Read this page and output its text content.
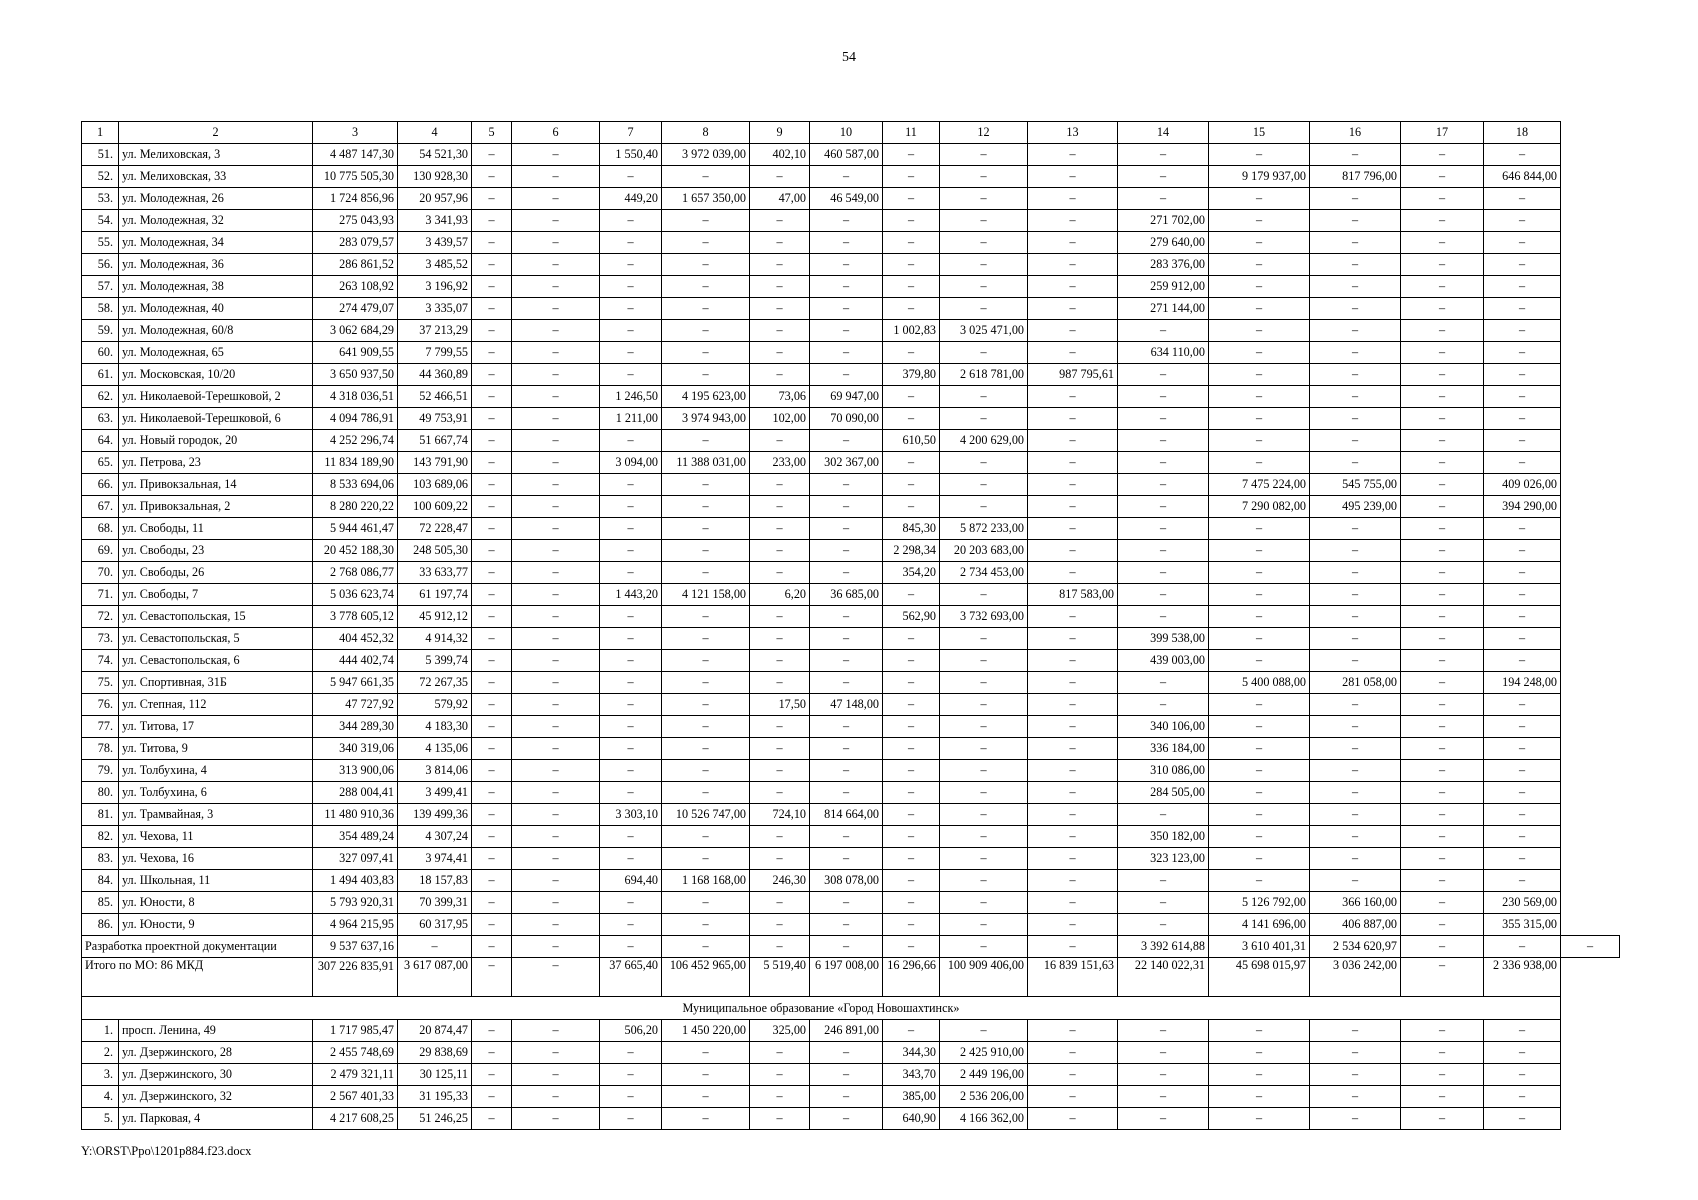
54
1	2	3	4	5	6	7	8	9	10	11	12	13	14	15	16	17	18	
51.	ул. Мелиховская, 3	4 487 147,30	54 521,30	–	–	1 550,40	3 972 039,00	402,10	460 587,00	–	–	–	–	–	–	–	–	
52.	ул. Мелиховская, 33	10 775 505,30	130 928,30	–	–	–	–	–	–	–	–	–	–	9 179 937,00	817 796,00	–	646 844,00	
53.	ул. Молодежная, 26	1 724 856,96	20 957,96	–	–	449,20	1 657 350,00	47,00	46 549,00	–	–	–	–	–	–	–	–	
54.	ул. Молодежная, 32	275 043,93	3 341,93	–	–	–	–	–	–	–	–	–	271 702,00	–	–	–	–	
55.	ул. Молодежная, 34	283 079,57	3 439,57	–	–	–	–	–	–	–	–	–	279 640,00	–	–	–	–	
56.	ул. Молодежная, 36	286 861,52	3 485,52	–	–	–	–	–	–	–	–	–	283 376,00	–	–	–	–	
57.	ул. Молодежная, 38	263 108,92	3 196,92	–	–	–	–	–	–	–	–	–	259 912,00	–	–	–	–	
58.	ул. Молодежная, 40	274 479,07	3 335,07	–	–	–	–	–	–	–	–	–	271 144,00	–	–	–	–	
59.	ул. Молодежная, 60/8	3 062 684,29	37 213,29	–	–	–	–	–	–	1 002,83	3 025 471,00	–	–	–	–	–	–	
60.	ул. Молодежная, 65	641 909,55	7 799,55	–	–	–	–	–	–	–	–	–	634 110,00	–	–	–	–	
61.	ул. Московская, 10/20	3 650 937,50	44 360,89	–	–	–	–	–	–	379,80	2 618 781,00	987 795,61	–	–	–	–	–	
62.	ул. Николаевой-Терешковой, 2	4 318 036,51	52 466,51	–	–	1 246,50	4 195 623,00	73,06	69 947,00	–	–	–	–	–	–	–	–	
63.	ул. Николаевой-Терешковой, 6	4 094 786,91	49 753,91	–	–	1 211,00	3 974 943,00	102,00	70 090,00	–	–	–	–	–	–	–	–	
64.	ул. Новый городок, 20	4 252 296,74	51 667,74	–	–	–	–	–	–	610,50	4 200 629,00	–	–	–	–	–	–	
65.	ул. Петрова, 23	11 834 189,90	143 791,90	–	–	3 094,00	11 388 031,00	233,00	302 367,00	–	–	–	–	–	–	–	–	
66.	ул. Привокзальная, 14	8 533 694,06	103 689,06	–	–	–	–	–	–	–	–	–	–	7 475 224,00	545 755,00	–	409 026,00	
67.	ул. Привокзальная, 2	8 280 220,22	100 609,22	–	–	–	–	–	–	–	–	–	–	7 290 082,00	495 239,00	–	394 290,00	
68.	ул. Свободы, 11	5 944 461,47	72 228,47	–	–	–	–	–	–	845,30	5 872 233,00	–	–	–	–	–	–	
69.	ул. Свободы, 23	20 452 188,30	248 505,30	–	–	–	–	–	–	2 298,34	20 203 683,00	–	–	–	–	–	–	
70.	ул. Свободы, 26	2 768 086,77	33 633,77	–	–	–	–	–	–	354,20	2 734 453,00	–	–	–	–	–	–	
71.	ул. Свободы, 7	5 036 623,74	61 197,74	–	–	1 443,20	4 121 158,00	6,20	36 685,00	–	–	817 583,00	–	–	–	–	–	
72.	ул. Севастопольская, 15	3 778 605,12	45 912,12	–	–	–	–	–	–	562,90	3 732 693,00	–	–	–	–	–	–	
73.	ул. Севастопольская, 5	404 452,32	4 914,32	–	–	–	–	–	–	–	–	–	399 538,00	–	–	–	–	
74.	ул. Севастопольская, 6	444 402,74	5 399,74	–	–	–	–	–	–	–	–	–	439 003,00	–	–	–	–	
75.	ул. Спортивная, 31Б	5 947 661,35	72 267,35	–	–	–	–	–	–	–	–	–	–	5 400 088,00	281 058,00	–	194 248,00	
76.	ул. Степная, 112	47 727,92	579,92	–	–	–	–	17,50	47 148,00	–	–	–	–	–	–	–	–	
77.	ул. Титова, 17	344 289,30	4 183,30	–	–	–	–	–	–	–	–	–	340 106,00	–	–	–	–	
78.	ул. Титова, 9	340 319,06	4 135,06	–	–	–	–	–	–	–	–	–	336 184,00	–	–	–	–	
79.	ул. Толбухина, 4	313 900,06	3 814,06	–	–	–	–	–	–	–	–	–	310 086,00	–	–	–	–	
80.	ул. Толбухина, 6	288 004,41	3 499,41	–	–	–	–	–	–	–	–	–	284 505,00	–	–	–	–	
81.	ул. Трамвайная, 3	11 480 910,36	139 499,36	–	–	3 303,10	10 526 747,00	724,10	814 664,00	–	–	–	–	–	–	–	–	
82.	ул. Чехова, 11	354 489,24	4 307,24	–	–	–	–	–	–	–	–	–	350 182,00	–	–	–	–	
83.	ул. Чехова, 16	327 097,41	3 974,41	–	–	–	–	–	–	–	–	–	323 123,00	–	–	–	–	
84.	ул. Школьная, 11	1 494 403,83	18 157,83	–	–	694,40	1 168 168,00	246,30	308 078,00	–	–	–	–	–	–	–	–	
85.	ул. Юности, 8	5 793 920,31	70 399,31	–	–	–	–	–	–	–	–	–	–	5 126 792,00	366 160,00	–	230 569,00	
86.	ул. Юности, 9	4 964 215,95	60 317,95	–	–	–	–	–	–	–	–	–	–	4 141 696,00	406 887,00	–	355 315,00	
Разработка проектной документации		9 537 637,16	–	–	–	–	–	–	–	–	–	–	3 392 614,88	3 610 401,31	2 534 620,97	–	–	–
Итого по МО: 86 МКД		307 226 835,91	3 617 087,00	–	–	37 665,40	106 452 965,00	5 519,40	6 197 008,00	16 296,66	100 909 406,00	16 839 151,63	22 140 022,31	45 698 015,97	3 036 242,00	–	2 336 938,00	
Муниципальное образование «Город Новошахтинск»																		
1.	просп. Ленина, 49	1 717 985,47	20 874,47	–	–	506,20	1 450 220,00	325,00	246 891,00	–	–	–	–	–	–	–	–	
2.	ул. Дзержинского, 28	2 455 748,69	29 838,69	–	–	–	–	–	–	344,30	2 425 910,00	–	–	–	–	–	–	
3.	ул. Дзержинского, 30	2 479 321,11	30 125,11	–	–	–	–	–	–	343,70	2 449 196,00	–	–	–	–	–	–	
4.	ул. Дзержинского, 32	2 567 401,33	31 195,33	–	–	–	–	–	–	385,00	2 536 206,00	–	–	–	–	–	–	
5.	ул. Парковая, 4	4 217 608,25	51 246,25	–	–	–	–	–	–	640,90	4 166 362,00	–	–	–	–	–	–	
Y:\ORST\Ppo\1201p884.f23.docx
